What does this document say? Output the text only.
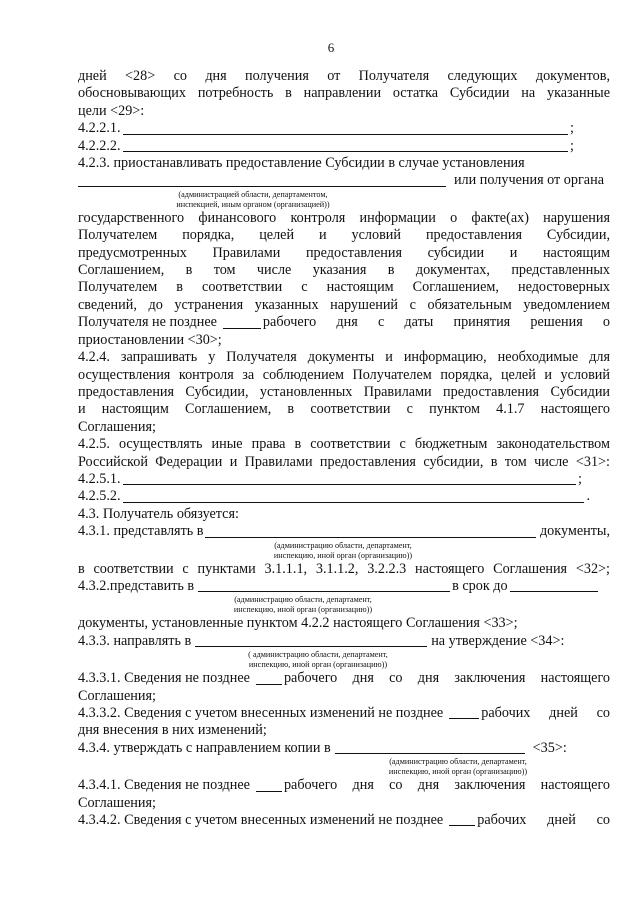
6

дней <28> со дня получения от Получателя следующих документов,

обосновывающих потребность в направлении остатка Субсидии на указанные

цели <29>:

4.2.2.1.	;
4.2.2.2.	;

4.2.3. приостанавливать предоставление Субсидии в случае установления

или получения от органа

(администрацией области, департаментом,

инспекцией, иным органом (организацией))

государственного финансового контроля информации о факте(ах) нарушения

Получателем порядка, целей и условий предоставления Субсидии,

предусмотренных Правилами предоставления субсидии и настоящим

Соглашением, в том числе указания в документах, представленных

Получателем в соответствии с настоящим Соглашением, недостоверных

сведений, до устранения указанных нарушений с обязательным уведомлением

Получателя не позднее	рабочего дня с даты принятия решения о

приостановлении <30>;

4.2.4. запрашивать у Получателя документы и информацию, необходимые для

осуществления контроля за соблюдением Получателем порядка, целей и условий

предоставления Субсидии, установленных Правилами предоставления Субсидии

и настоящим Соглашением, в соответствии с пунктом 4.1.7 настоящего

Соглашения;

4.2.5. осуществлять иные права в соответствии с бюджетным законодательством

Российской Федерации и Правилами предоставления субсидии, в том числе <31>:

4.2.5.1.	;
4.2.5.2.	.

4.3. Получатель обязуется:

4.3.1. представлять в	документы,

(администрацию области, департамент,

инспекцию, иной орган (организацию))

в соответствии с пунктами 3.1.1.1, 3.1.1.2, 3.2.2.3 настоящего Соглашения <32>;

4.3.2.представить в	в срок до

(администрацию области, департамент,

инспекцию, иной орган (организацию))

документы, установленные пунктом 4.2.2 настоящего Соглашения <33>;

4.3.3. направлять в	на утверждение <34>:

( администрацию области, департамент,

инспекцию, иной орган (организацию))

4.3.3.1. Сведения не позднее рабочего дня со дня заключения настоящего

Соглашения;

4.3.3.2. Сведения с учетом внесенных изменений не позднее	рабочих дней со

дня внесения в них изменений;

4.3.4. утверждать с направлением копии в	<35>:

(администрацию области, департамент,

инспекцию, иной орган (организацию))

4.3.4.1. Сведения не позднее рабочего дня со дня заключения настоящего

Соглашения;

4.3.4.2. Сведения с учетом внесенных изменений не позднее рабочих дней со
